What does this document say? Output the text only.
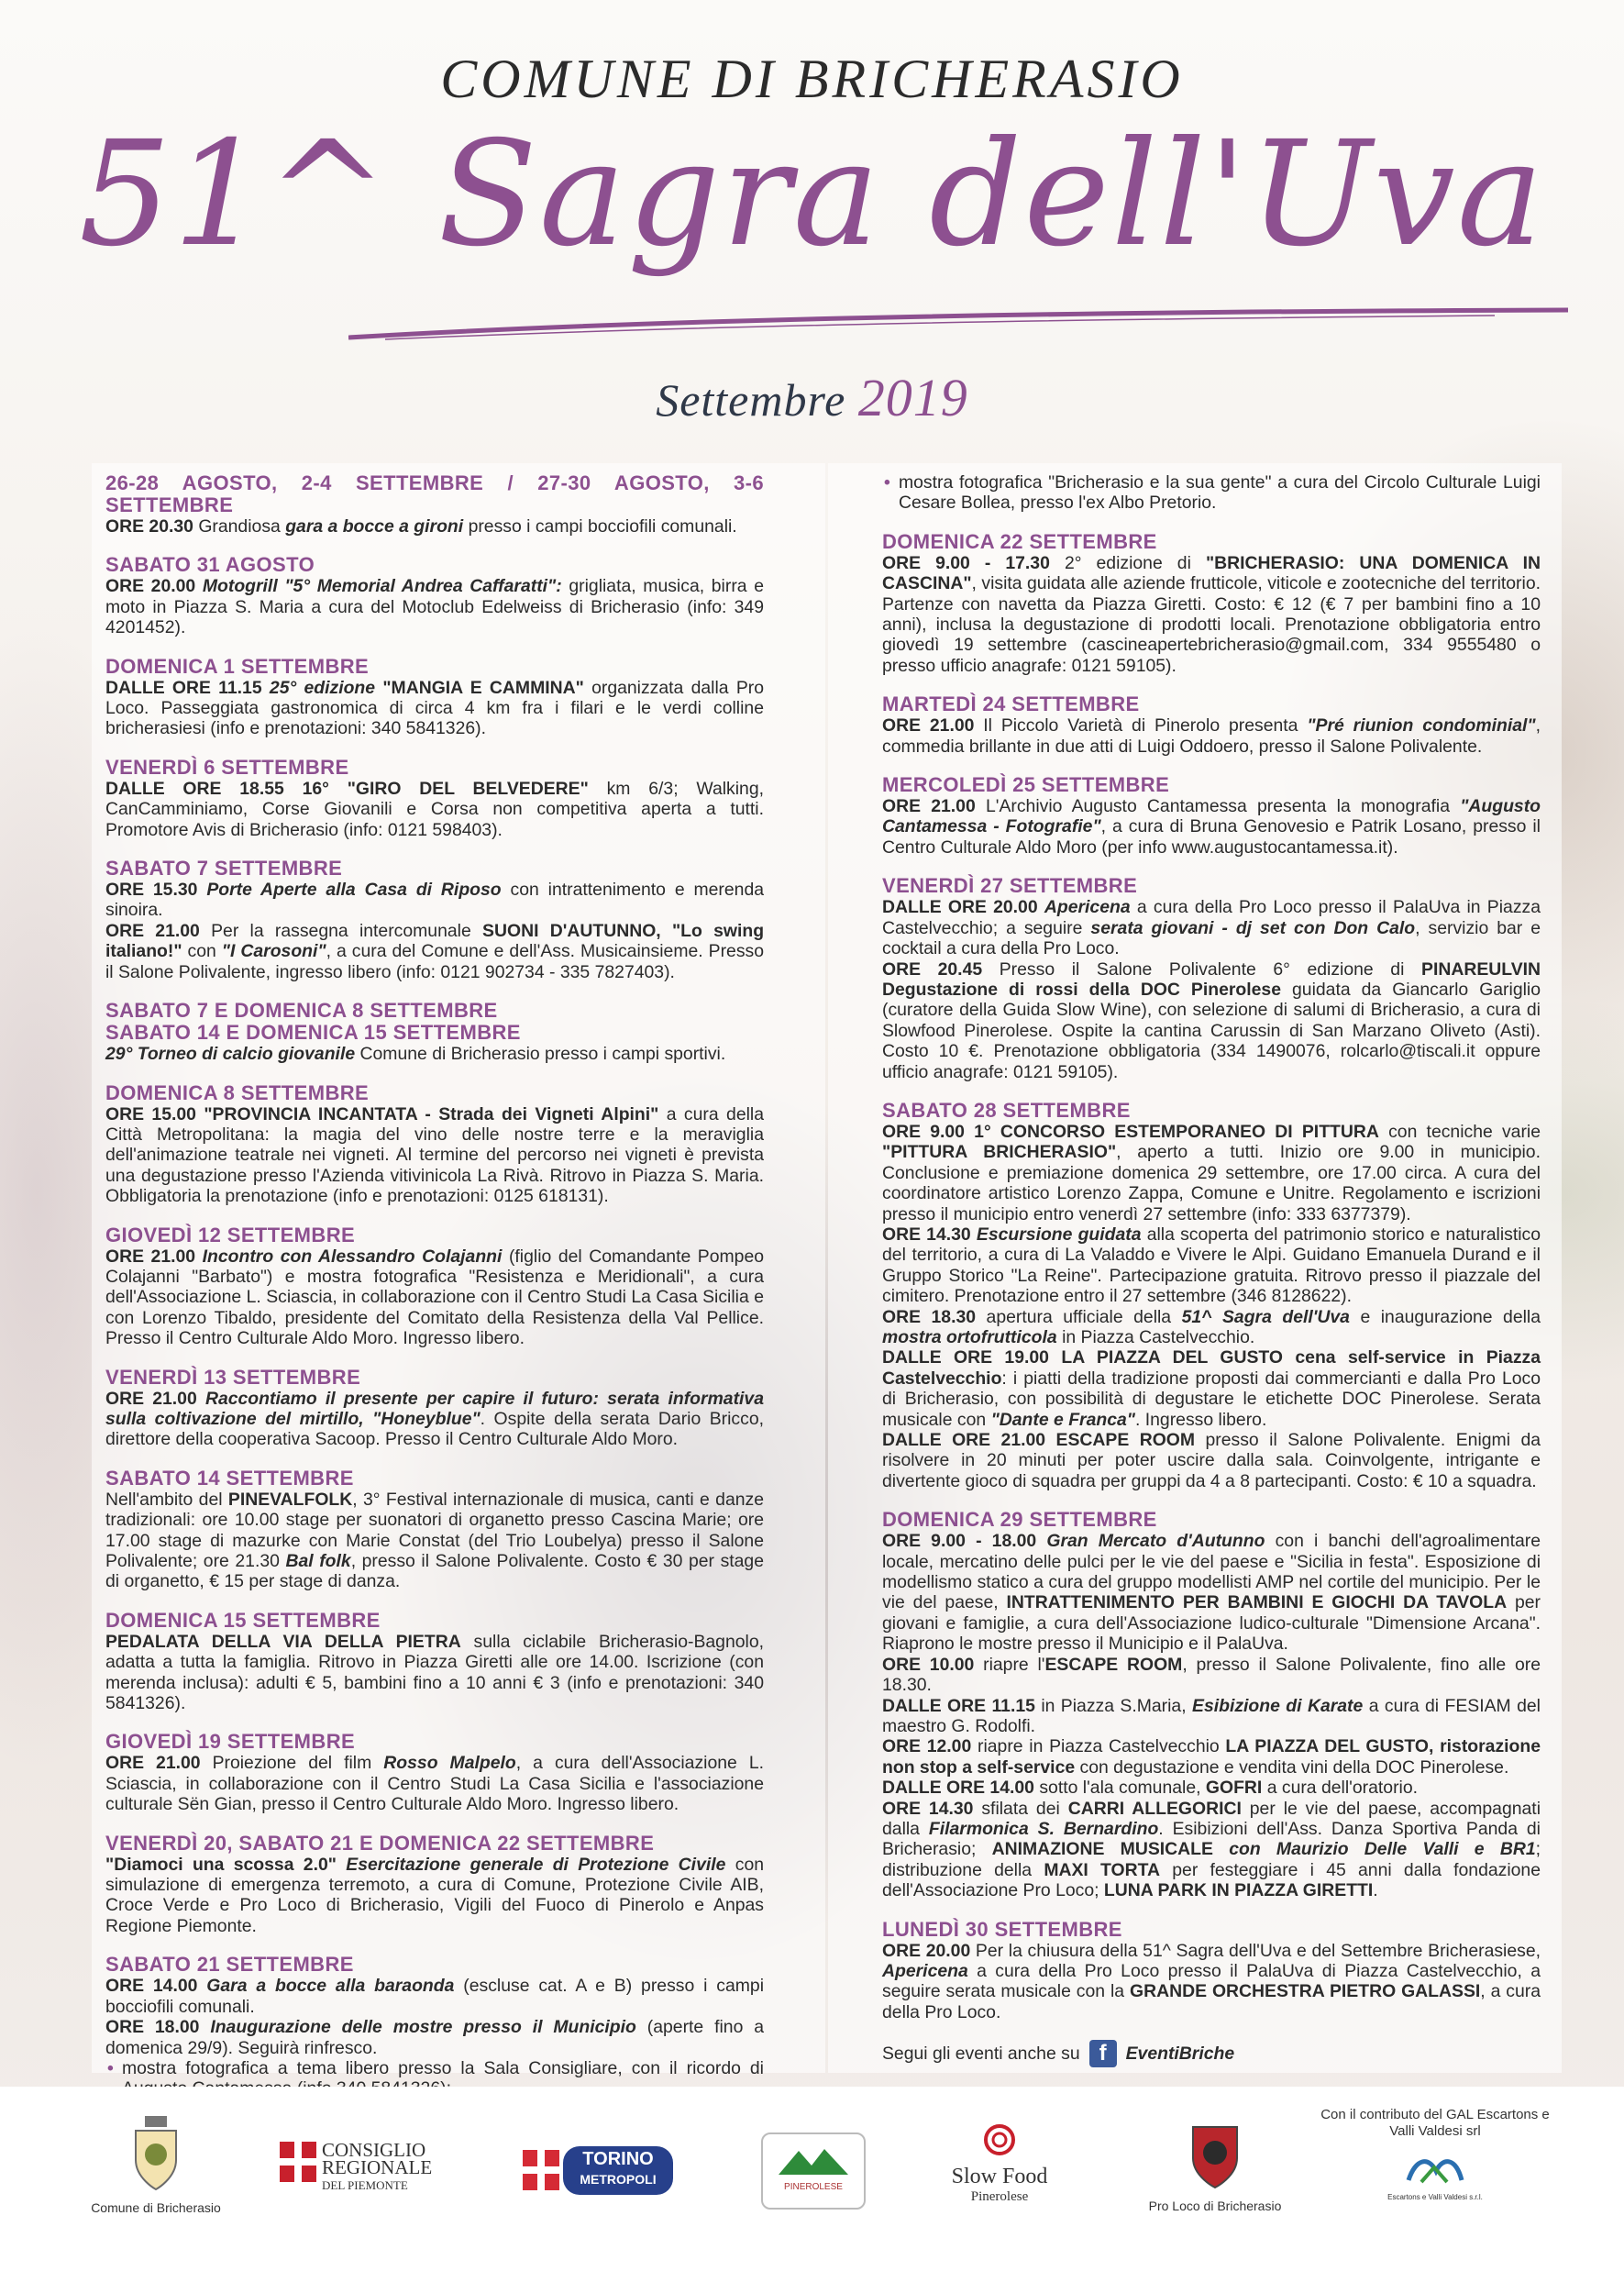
COMUNE DI BRICHERASIO
51^ Sagra dell'Uva
Settembre 2019
26-28 AGOSTO, 2-4 SETTEMBRE / 27-30 AGOSTO, 3-6 SETTEMBRE

ORE 20.30 Grandiosa gara a bocce a gironi presso i campi bocciofili comunali.

SABATO 31 AGOSTO

ORE 20.00 Motogrill "5° Memorial Andrea Caffaratti": grigliata, musica, birra e moto in Piazza S. Maria a cura del Motoclub Edelweiss di Bricherasio (info: 349 4201452).

DOMENICA 1 SETTEMBRE

DALLE ORE 11.15 25° edizione "MANGIA E CAMMINA" organizzata dalla Pro Loco. Passeggiata gastronomica di circa 4 km fra i filari e le verdi colline bricherasiesi (info e prenotazioni: 340 5841326).

VENERDÌ 6 SETTEMBRE

DALLE ORE 18.55 16° "GIRO DEL BELVEDERE" km 6/3; Walking, CanCamminiamo, Corse Giovanili e Corsa non competitiva aperta a tutti. Promotore Avis di Bricherasio (info: 0121 598403).

SABATO 7 SETTEMBRE

ORE 15.30 Porte Aperte alla Casa di Riposo con intrattenimento e merenda sinoira.

ORE 21.00 Per la rassegna intercomunale SUONI D'AUTUNNO, "Lo swing italiano!" con "I Carosoni", a cura del Comune e dell'Ass. Musicainsieme. Presso il Salone Polivalente, ingresso libero (info: 0121 902734 - 335 7827403).

SABATO 7 E DOMENICA 8 SETTEMBRE
SABATO 14 E DOMENICA 15 SETTEMBRE

29° Torneo di calcio giovanile Comune di Bricherasio presso i campi sportivi.

DOMENICA 8 SETTEMBRE

ORE 15.00 "PROVINCIA INCANTATA - Strada dei Vigneti Alpini" a cura della Città Metropolitana: la magia del vino delle nostre terre e la meraviglia dell'animazione teatrale nei vigneti. Al termine del percorso nei vigneti è prevista una degustazione presso l'Azienda vitivinicola La Rivà. Ritrovo in Piazza S. Maria. Obbligatoria la prenotazione (info e prenotazioni: 0125 618131).

GIOVEDÌ 12 SETTEMBRE

ORE 21.00 Incontro con Alessandro Colajanni (figlio del Comandante Pompeo Colajanni "Barbato") e mostra fotografica "Resistenza e Meridionali", a cura dell'Associazione L. Sciascia, in collaborazione con il Centro Studi La Casa Sicilia e con Lorenzo Tibaldo, presidente del Comitato della Resistenza della Val Pellice. Presso il Centro Culturale Aldo Moro. Ingresso libero.

VENERDÌ 13 SETTEMBRE

ORE 21.00 Raccontiamo il presente per capire il futuro: serata informativa sulla coltivazione del mirtillo, "Honeyblue". Ospite della serata Dario Bricco, direttore della cooperativa Sacoop. Presso il Centro Culturale Aldo Moro.

SABATO 14 SETTEMBRE

Nell'ambito del PINEVALFOLK, 3° Festival internazionale di musica, canti e danze tradizionali: ore 10.00 stage per suonatori di organetto presso Cascina Marie; ore 17.00 stage di mazurke con Marie Constat (del Trio Loubelya) presso il Salone Polivalente; ore 21.30 Bal folk, presso il Salone Polivalente. Costo € 30 per stage di organetto, € 15 per stage di danza.

DOMENICA 15 SETTEMBRE

PEDALATA DELLA VIA DELLA PIETRA sulla ciclabile Bricherasio-Bagnolo, adatta a tutta la famiglia. Ritrovo in Piazza Giretti alle ore 14.00. Iscrizione (con merenda inclusa): adulti € 5, bambini fino a 10 anni € 3 (info e prenotazioni: 340 5841326).

GIOVEDÌ 19 SETTEMBRE

ORE 21.00 Proiezione del film Rosso Malpelo, a cura dell'Associazione L. Sciascia, in collaborazione con il Centro Studi La Casa Sicilia e l'associazione culturale Sën Gian, presso il Centro Culturale Aldo Moro. Ingresso libero.

VENERDÌ 20, SABATO 21 E DOMENICA 22 SETTEMBRE

"Diamoci una scossa 2.0" Esercitazione generale di Protezione Civile con simulazione di emergenza terremoto, a cura di Comune, Protezione Civile AIB, Croce Verde e Pro Loco di Bricherasio, Vigili del Fuoco di Pinerolo e Anpas Regione Piemonte.

SABATO 21 SETTEMBRE

ORE 14.00 Gara a bocce alla baraonda (escluse cat. A e B) presso i campi bocciofili comunali.

ORE 18.00 Inaugurazione delle mostre presso il Municipio (aperte fino a domenica 29/9). Seguirà rinfresco.

• mostra fotografica a tema libero presso la Sala Consigliare, con il ricordo di

•

• mostra fotografica "Bricherasio e la sua gente" a cura del Circolo Culturale Luigi Cesare Bollea, presso l'ex Albo Pretorio.

DOMENICA 22 SETTEMBRE

ORE 9.00 - 17.30 2° edizione di "BRICHERASIO: UNA DOMENICA IN CASCINA", visita guidata alle aziende frutticole, viticole e zootecniche del territorio. Partenze con navetta da Piazza Giretti. Costo: € 12 (€ 7 per bambini fino a 10 anni), inclusa la degustazione di prodotti locali. Prenotazione obbligatoria entro giovedì 19 settembre (cascineapertebricherasio@gmail.com, 334 9555480 o presso ufficio anagrafe: 0121 59105).

MARTEDÌ 24 SETTEMBRE

ORE 21.00 Il Piccolo Varietà di Pinerolo presenta "Pré riunion condominial", commedia brillante in due atti di Luigi Oddoero, presso il Salone Polivalente.

MERCOLEDÌ 25 SETTEMBRE

ORE 21.00 L'Archivio Augusto Cantamessa presenta la monografia "Augusto Cantamessa - Fotografie", a cura di Bruna Genovesio e Patrik Losano, presso il Centro Culturale Aldo Moro (per info www.augustocantamessa.it).

VENERDÌ 27 SETTEMBRE

DALLE ORE 20.00 Apericena a cura della Pro Loco presso il PalaUva in Piazza Castelvecchio; a seguire serata giovani - dj set con Don Calo, servizio bar e cocktail a cura della Pro Loco.

ORE 20.45 Presso il Salone Polivalente 6° edizione di PINAREULVIN Degustazione di rossi della DOC Pinerolese guidata da Giancarlo Gariglio (curatore della Guida Slow Wine), con selezione di salumi di Bricherasio, a cura di Slowfood Pinerolese. Ospite la cantina Carussin di San Marzano Oliveto (Asti). Costo 10 €. Prenotazione obbligatoria (334 1490076, rolcarlo@tiscali.it oppure ufficio anagrafe: 0121 59105).

SABATO 28 SETTEMBRE

ORE 9.00 1° CONCORSO ESTEMPORANEO DI PITTURA con tecniche varie "PITTURA BRICHERASIO", aperto a tutti. Inizio ore 9.00 in municipio. Conclusione e premiazione domenica 29 settembre, ore 17.00 circa. A cura del coordinatore artistico Lorenzo Zappa, Comune e Unitre. Regolamento e iscrizioni presso il municipio entro venerdì 27 settembre (info: 333 6377379).

ORE 14.30 Escursione guidata alla scoperta del patrimonio storico e naturalistico del territorio, a cura di La Valaddo e Vivere le Alpi. Guidano Emanuela Durand e il Gruppo Storico "La Reine". Partecipazione gratuita. Ritrovo presso il piazzale del cimitero. Prenotazione entro il 27 settembre (346 8128622).

ORE 18.30 apertura ufficiale della 51^ Sagra dell'Uva e inaugurazione della mostra ortofrutticola in Piazza Castelvecchio.

DALLE ORE 19.00 LA PIAZZA DEL GUSTO cena self-service in Piazza Castelvecchio: i piatti della tradizione proposti dai commercianti e dalla Pro Loco di Bricherasio, con possibilità di degustare le etichette DOC Pinerolese. Serata musicale con "Dante e Franca". Ingresso libero.

DALLE ORE 21.00 ESCAPE ROOM presso il Salone Polivalente. Enigmi da risolvere in 20 minuti per poter uscire dalla sala. Coinvolgente, intrigante e divertente gioco di squadra per gruppi da 4 a 8 partecipanti. Costo: € 10 a squadra.

DOMENICA 29 SETTEMBRE

ORE 9.00 - 18.00 Gran Mercato d'Autunno con i banchi dell'agroalimentare locale, mercatino delle pulci per le vie del paese e "Sicilia in festa". Esposizione di modellismo statico a cura del gruppo modellisti AMP nel cortile del municipio. Per le vie del paese, INTRATTENIMENTO PER BAMBINI E GIOCHI DA TAVOLA per giovani e famiglie, a cura dell'Associazione ludico-culturale "Dimensione Arcana". Riaprono le mostre presso il Municipio e il PalaUva.

ORE 10.00 riapre l'ESCAPE ROOM, presso il Salone Polivalente, fino alle ore 18.30.

DALLE ORE 11.15 in Piazza S.Maria, Esibizione di Karate a cura di FESIAM del maestro G. Rodolfi.

ORE 12.00 riapre in Piazza Castelvecchio LA PIAZZA DEL GUSTO, ristorazione non stop a self-service con degustazione e vendita vini della DOC Pinerolese.

DALLE ORE 14.00 sotto l'ala comunale, GOFRI a cura dell'oratorio.

ORE 14.30 sfilata dei CARRI ALLEGORICI per le vie del paese, accompagnati dalla Filarmonica S. Bernardino. Esibizioni dell'Ass. Danza Sportiva Panda di Bricherasio; ANIMAZIONE MUSICALE con Maurizio Delle Valli e BR1; distribuzione della MAXI TORTA per festeggiare i 45 anni dalla fondazione dell'Associazione Pro Loco; LUNA PARK IN PIAZZA GIRETTI.

LUNEDÌ 30 SETTEMBRE

ORE 20.00 Per la chiusura della 51^ Sagra dell'Uva e del Settembre Bricherasiese, Apericena a cura della Pro Loco presso il PalaUva di Piazza Castelvecchio, a seguire serata musicale con la GRANDE ORCHESTRA PIETRO GALASSI, a cura della Pro Loco.

Segui gli eventi anche su f	EventiBriche
Comune di Bricherasio
CONSIGLIO
REGIONALE
DEL PIEMONTE
TORINO
METROPOLI
PINEROLESE	Slow Food
Pinerolese
Pro Loco di Bricherasio
Con il contributo del GAL Escartons e Valli Valdesi srl
Escartons e Valli Valdesi s.r.l.
